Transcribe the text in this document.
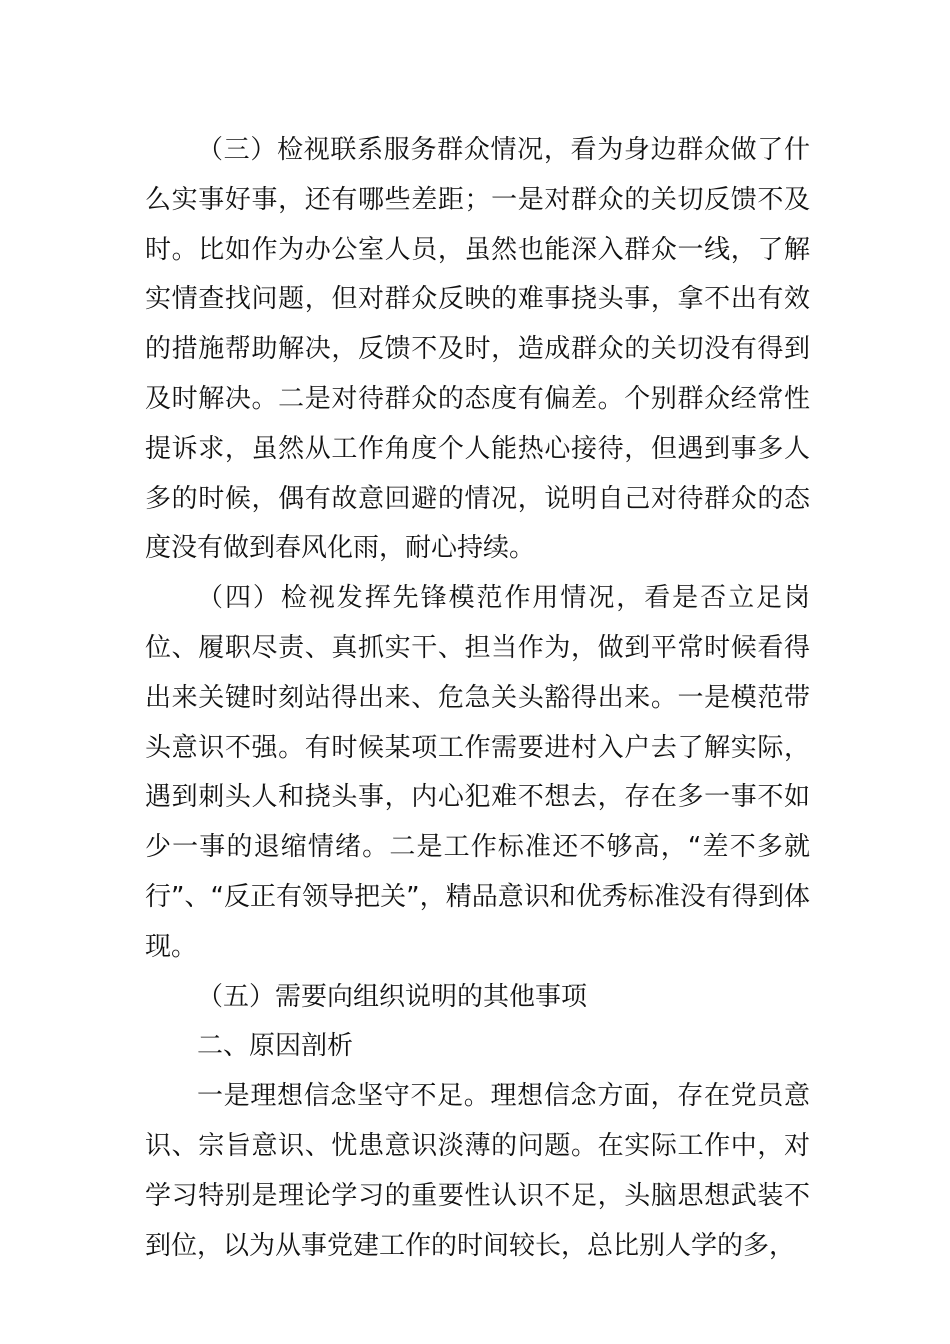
（三）检视联系服务群众情况，看为身边群众做了什么实事好事，还有哪些差距；一是对群众的关切反馈不及时。比如作为办公室人员，虽然也能深入群众一线，了解实情查找问题，但对群众反映的难事挠头事，拿不出有效的措施帮助解决，反馈不及时，造成群众的关切没有得到及时解决。二是对待群众的态度有偏差。个别群众经常性提诉求，虽然从工作角度个人能热心接待，但遇到事多人多的时候，偶有故意回避的情况，说明自己对待群众的态度没有做到春风化雨，耐心持续。

（四）检视发挥先锋模范作用情况，看是否立足岗位、履职尽责、真抓实干、担当作为，做到平常时候看得出来关键时刻站得出来、危急关头豁得出来。一是模范带头意识不强。有时候某项工作需要进村入户去了解实际，遇到刺头人和挠头事，内心犯难不想去，存在多一事不如少一事的退缩情绪。二是工作标准还不够高，“差不多就行”、“反正有领导把关”，精品意识和优秀标准没有得到体现。

（五）需要向组织说明的其他事项

二、原因剖析

一是理想信念坚守不足。理想信念方面，存在党员意识、宗旨意识、忧患意识淡薄的问题。在实际工作中，对学习特别是理论学习的重要性认识不足，头脑思想武装不到位，以为从事党建工作的时间较长，总比别人学的多，
